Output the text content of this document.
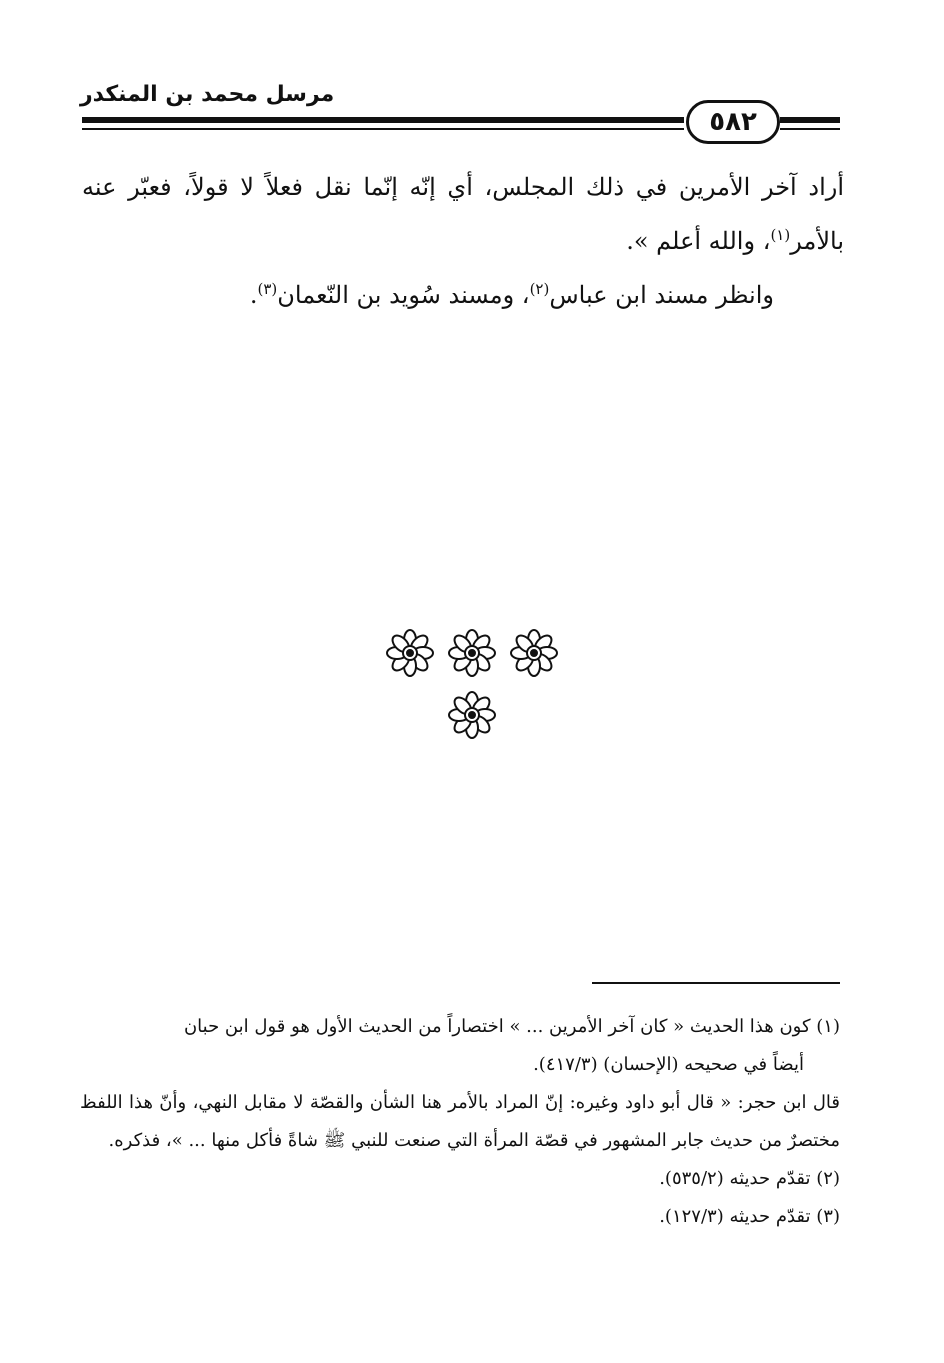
مرسل محمد بن المنكدر
٥٨٢

أراد آخر الأمرين في ذلك المجلس، أي إنّه إنّما نقل فعلاً لا قولاً، فعبّر عنه بالأمر$^{(١)}$، والله أعلم ».

وانظر مسند ابن عباس$^{(٢)}$، ومسند سُويد بن النّعمان$^{(٣)}$.

(١) كون هذا الحديث « كان آخر الأمرين ... » اختصاراً من الحديث الأول هو قول ابن حبان

أيضاً في صحيحه (الإحسان) (٤١٧/٣).

قال ابن حجر: « قال أبو داود وغيره: إنّ المراد بالأمر هنا الشأن والقصّة لا مقابل النهي، وأنّ هذا اللفظ مختصرٌ من حديث جابر المشهور في قصّة المرأة التي صنعت للنبي ﷺ شاةً فأكل منها ... »، فذكره.

(٢) تقدّم حديثه (٥٣٥/٢).

(٣) تقدّم حديثه (١٢٧/٣).
